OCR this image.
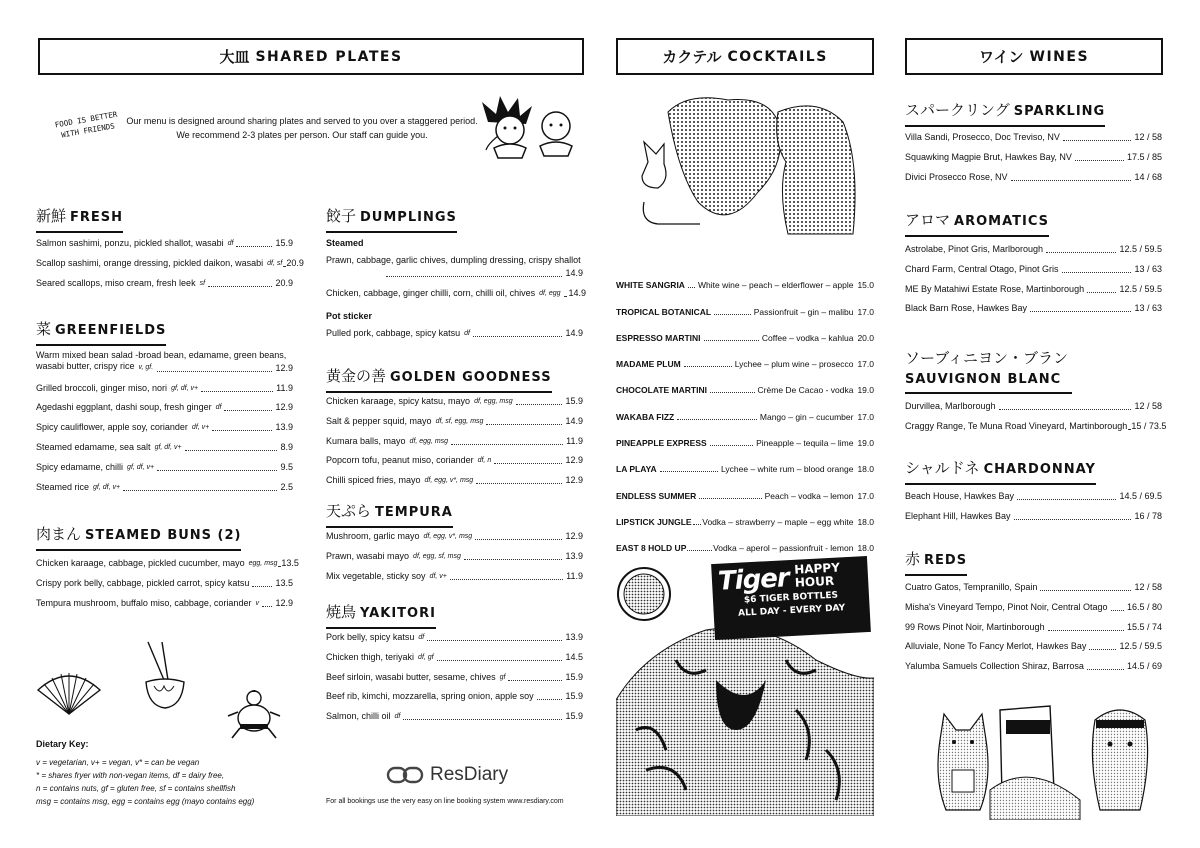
大皿 SHARED PLATES	カクテル COCKTAILS	ワイン WINES
FOOD IS BETTER WITH FRIENDS
Our menu is designed around sharing plates and served to you over a staggered period.
We recommend 2-3 plates per person. Our staff can guide you.
新鮮 FRESH
Salmon sashimi, ponzu, pickled shallot, wasabi df	15.9
Scallop sashimi, orange dressing, pickled daikon, wasabi df, sf 20.9
Seared scallops, miso cream, fresh leek sf	20.9
菜 GREENFIELDS
Warm mixed bean salad -broad bean, edamame, green beans, wasabi butter, crispy rice v, gf.	12.9
Grilled broccoli, ginger miso, nori gf, df, v+	11.9
Agedashi eggplant, dashi soup, fresh ginger df	12.9
Spicy cauliflower, apple soy, coriander df, v+	13.9
Steamed edamame, sea salt gf, df, v+	8.9
Spicy edamame, chilli gf, df, v+	9.5
Steamed rice gf, df, v+	2.5
肉まん STEAMED BUNS (2)
Chicken karaage, cabbage, pickled cucumber, mayo egg, msg 13.5
Crispy pork belly, cabbage, pickled carrot, spicy katsu	13.5
Tempura mushroom, buffalo miso, cabbage, coriander v 12.9
Dietary Key:
v = vegetarian, v+ = vegan, v* = can be vegan
* = shares fryer with non-vegan items, df = dairy free,
n = contains nuts, gf = gluten free, sf = contains shellfish
msg = contains msg, egg = contains egg (mayo contains egg)
餃子 DUMPLINGS
Steamed
Prawn, cabbage, garlic chives, dumpling dressing, crispy shallot
14.9
Chicken, cabbage, ginger chilli, corn, chilli oil, chives df, egg 14.9
Pot sticker
Pulled pork, cabbage, spicy katsu df	14.9
黄金の善 GOLDEN GOODNESS
Chicken karaage, spicy katsu, mayo df, egg, msg	15.9
Salt & pepper squid, mayo df, sf, egg, msg	14.9
Kumara balls, mayo df, egg, msg	11.9
Popcorn tofu, peanut miso, coriander df, n	12.9
Chilli spiced fries, mayo df, egg, v*, msg	12.9
天ぷら TEMPURA
Mushroom, garlic mayo df, egg, v*, msg	12.9
Prawn, wasabi mayo df, egg, sf, msg	13.9
Mix vegetable, sticky soy df, v+	11.9
焼鳥 YAKITORI
Pork belly, spicy katsu df	13.9
Chicken thigh, teriyaki df, gf	14.5
Beef sirloin, wasabi butter, sesame, chives gf	15.9
Beef rib, kimchi, mozzarella, spring onion, apple soy	15.9
Salmon, chilli oil df	15.9
ResDiary
For all bookings use the very easy on line booking system www.resdiary.com
WHITE SANGRIA White wine – peach – elderflower – apple 15.0
TROPICAL BOTANICAL	Passionfruit – gin – malibu 17.0
ESPRESSO MARTINI	Coffee – vodka – kahlua 20.0
MADAME PLUM	Lychee – plum wine – prosecco 17.0
CHOCOLATE MARTINI	Crème De Cacao - vodka 19.0
WAKABA FIZZ	Mango – gin – cucumber 17.0
PINEAPPLE EXPRESS	Pineapple – tequila – lime 19.0
LA PLAYA	Lychee – white rum – blood orange 18.0
ENDLESS SUMMER	Peach – vodka – lemon 17.0
LIPSTICK JUNGLE Vodka – strawberry – maple – egg white 18.0
EAST 8 HOLD UP	Vodka – aperol – passionfruit - lemon 18.0
Tiger HAPPY
HOUR
$6 TIGER BOTTLES
ALL DAY - EVERY DAY
スパークリング SPARKLING
Villa Sandi, Prosecco, Doc Treviso, NV	12 / 58
Squawking Magpie Brut, Hawkes Bay, NV	17.5 / 85
Divici Prosecco Rose, NV	14 / 68
アロマ AROMATICS
Astrolabe, Pinot Gris, Marlborough	12.5 / 59.5
Chard Farm, Central Otago, Pinot Gris	13 / 63
ME By Matahiwi Estate Rose, Martinborough	12.5 / 59.5
Black Barn Rose, Hawkes Bay	13 / 63
ソーブィニヨン・ブラン
SAUVIGNON BLANC
Durvillea, Marlborough	12 / 58
Craggy Range, Te Muna Road Vineyard, Martinborough 15 / 73.5
シャルドネ CHARDONNAY
Beach House, Hawkes Bay	14.5 / 69.5
Elephant Hill, Hawkes Bay	16 / 78
赤 REDS
Cuatro Gatos, Tempranillo, Spain	12 / 58
Misha's Vineyard Tempo, Pinot Noir, Central Otago 16.5 / 80
99 Rows Pinot Noir, Martinborough	15.5 / 74
Alluviale, None To Fancy Merlot, Hawkes Bay	12.5 / 59.5
Yalumba Samuels Collection Shiraz, Barrosa	14.5 / 69
